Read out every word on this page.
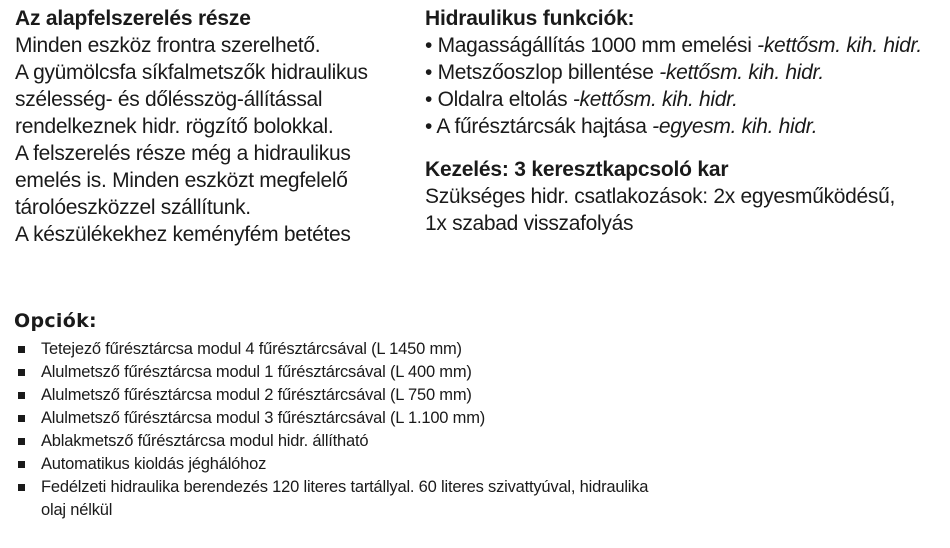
Az alapfelszerelés része
Minden eszköz frontra szerelhető.
A gyümölcsfa síkfalmetszők hidraulikus
szélesség- és dőlésszög-állítással
rendelkeznek hidr. rögzítő bolokkal.
A felszerelés része még a hidraulikus
emelés is. Minden eszközt megfelelő
tárolóeszközzel szállítunk.
A készülékekhez keményfém betétes
Hidraulikus funkciók:
• Magasságállítás 1000 mm emelési -kettősm. kih. hidr.
• Metszőoszlop billentése -kettősm. kih. hidr.
• Oldalra eltolás -kettősm. kih. hidr.
• A fűrésztárcsák hajtása -egyesm. kih. hidr.
Kezelés: 3 keresztkapcsoló kar
Szükséges hidr. csatlakozások: 2x egyesműködésű,
1x szabad visszafolyás
Opciók:
Tetejező fűrésztárcsa modul 4 fűrésztárcsával (L 1450 mm)
Alulmetsző fűrésztárcsa modul 1 fűrésztárcsával (L 400 mm)
Alulmetsző fűrésztárcsa modul 2 fűrésztárcsával (L 750 mm)
Alulmetsző fűrésztárcsa modul 3 fűrésztárcsával (L 1.100 mm)
Ablakmetsző fűrésztárcsa modul hidr. állítható
Automatikus kioldás jéghálóhoz
Fedélzeti hidraulika berendezés 120 literes tartállyal. 60 literes szivattyúval, hidraulika
olaj nélkül
